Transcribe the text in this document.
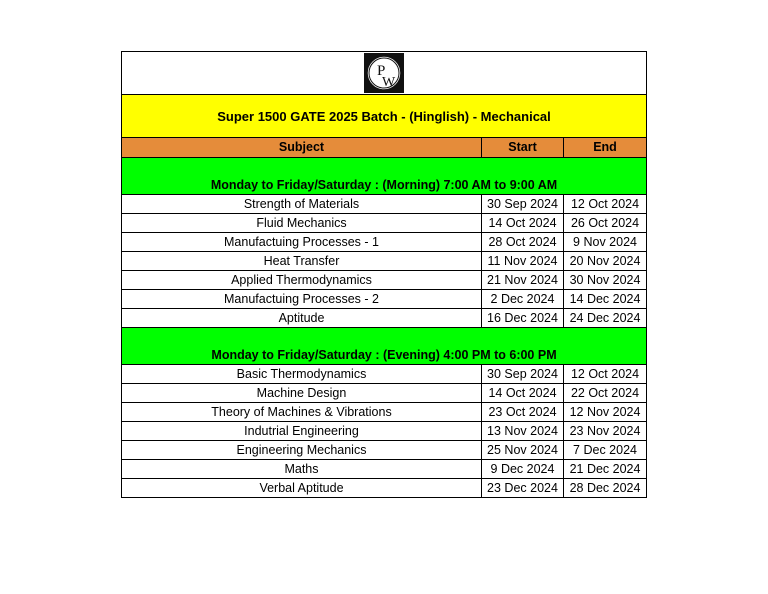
P
W		

Super 1500 GATE 2025 Batch - (Hinglish) - Mechanical		
Subject	Start	End
Monday to Friday/Saturday : (Morning) 7:00 AM to 9:00 AM		
Strength of Materials	30 Sep 2024	12 Oct 2024
Fluid Mechanics	14 Oct 2024	26 Oct 2024
Manufactuing Processes - 1	28 Oct 2024	9 Nov 2024
Heat Transfer	11 Nov 2024	20 Nov 2024
Applied Thermodynamics	21 Nov 2024	30 Nov 2024
Manufactuing Processes - 2	2 Dec 2024	14 Dec 2024
Aptitude	16 Dec 2024	24 Dec 2024
Monday to Friday/Saturday : (Evening) 4:00 PM to 6:00 PM		
Basic Thermodynamics	30 Sep 2024	12 Oct 2024
Machine Design	14 Oct 2024	22 Oct 2024
Theory of Machines & Vibrations	23 Oct 2024	12 Nov 2024
Indutrial Engineering	13 Nov 2024	23 Nov 2024
Engineering Mechanics	25 Nov 2024	7 Dec 2024
Maths	9 Dec 2024	21 Dec 2024
Verbal Aptitude	23 Dec 2024	28 Dec 2024
